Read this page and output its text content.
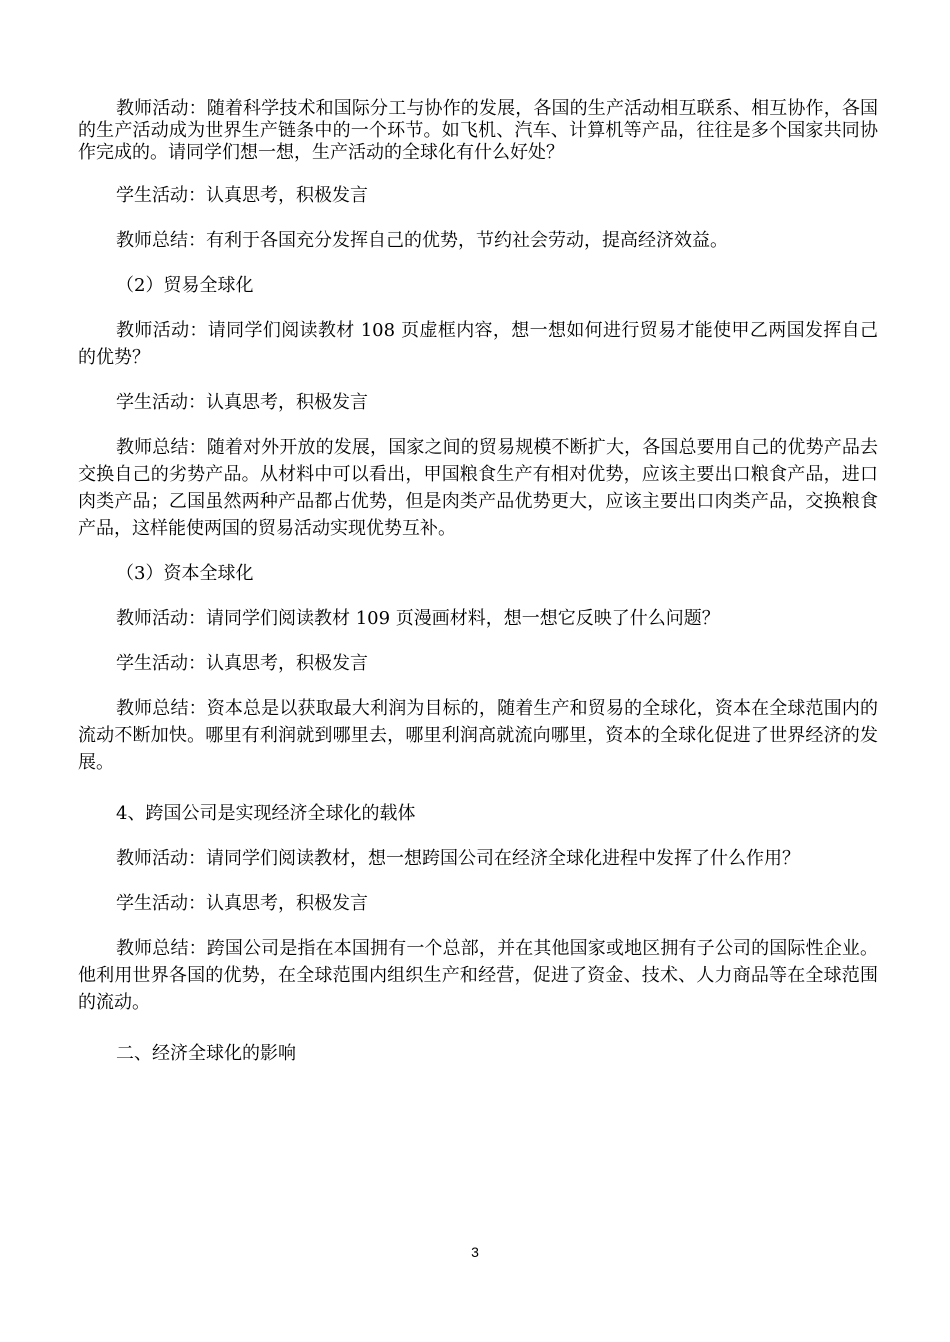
教师活动：随着科学技术和国际分工与协作的发展，各国的生产活动相互联系、相互协作，各国的生产活动成为世界生产链条中的一个环节。如飞机、汽车、计算机等产品，往往是多个国家共同协作完成的。请同学们想一想，生产活动的全球化有什么好处？

学生活动：认真思考，积极发言

教师总结：有利于各国充分发挥自己的优势，节约社会劳动，提高经济效益。

（2）贸易全球化

教师活动：请同学们阅读教材 108 页虚框内容，想一想如何进行贸易才能使甲乙两国发挥自己的优势？

学生活动：认真思考，积极发言

教师总结：随着对外开放的发展，国家之间的贸易规模不断扩大，各国总要用自己的优势产品去交换自己的劣势产品。从材料中可以看出，甲国粮食生产有相对优势，应该主要出口粮食产品，进口肉类产品；乙国虽然两种产品都占优势，但是肉类产品优势更大，应该主要出口肉类产品，交换粮食产品，这样能使两国的贸易活动实现优势互补。

（3）资本全球化

教师活动：请同学们阅读教材 109 页漫画材料，想一想它反映了什么问题？

学生活动：认真思考，积极发言

教师总结：资本总是以获取最大利润为目标的，随着生产和贸易的全球化，资本在全球范围内的流动不断加快。哪里有利润就到哪里去，哪里利润高就流向哪里，资本的全球化促进了世界经济的发展。

4、跨国公司是实现经济全球化的载体

教师活动：请同学们阅读教材，想一想跨国公司在经济全球化进程中发挥了什么作用？

学生活动：认真思考，积极发言

教师总结：跨国公司是指在本国拥有一个总部，并在其他国家或地区拥有子公司的国际性企业。他利用世界各国的优势，在全球范围内组织生产和经营，促进了资金、技术、人力商品等在全球范围的流动。

二、经济全球化的影响

3
